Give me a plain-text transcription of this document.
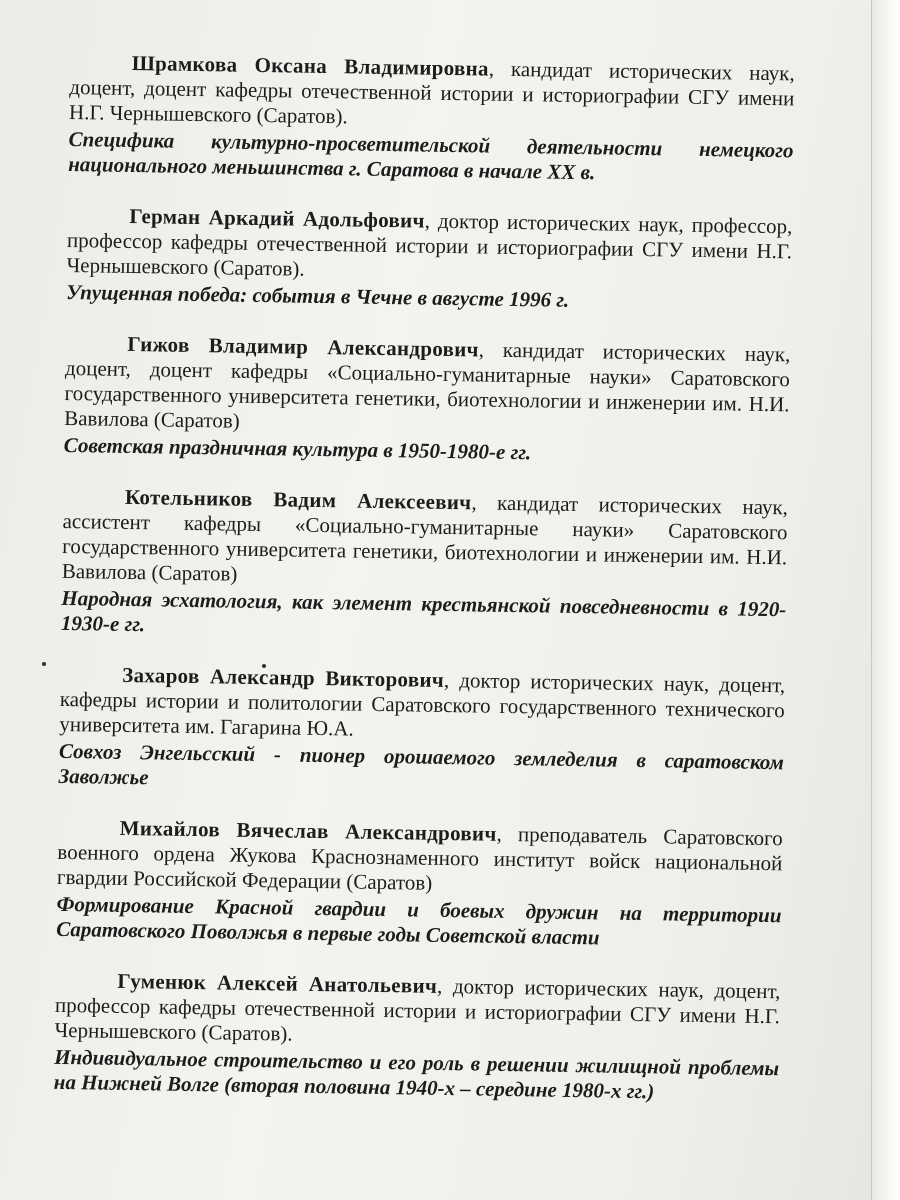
Шрамкова Оксана Владимировна, кандидат исторических наук, доцент, доцент кафедры отечественной истории и историографии СГУ имени Н.Г. Чернышевского (Саратов).

Специфика культурно-просветительской деятельности немецкого национального меньшинства г. Саратова в начале XX в.

Герман Аркадий Адольфович, доктор исторических наук, профессор, профессор кафедры отечественной истории и историографии СГУ имени Н.Г. Чернышевского (Саратов).

Упущенная победа: события в Чечне в августе 1996 г.

Гижов Владимир Александрович, кандидат исторических наук, доцент, доцент кафедры «Социально-гуманитарные науки» Саратовского государственного университета генетики, биотехнологии и инженерии им. Н.И. Вавилова (Саратов)

Советская праздничная культура в 1950-1980-е гг.

Котельников Вадим Алексеевич, кандидат исторических наук, ассистент кафедры «Социально-гуманитарные науки» Саратовского государственного университета генетики, биотехнологии и инженерии им. Н.И. Вавилова (Саратов)

Народная эсхатология, как элемент крестьянской повседневности в 1920-1930-е гг.

Захаров Александр Викторович, доктор исторических наук, доцент, кафедры истории и политологии Саратовского государственного технического университета им. Гагарина Ю.А.

Совхоз Энгельсский - пионер орошаемого земледелия в саратовском Заволжье

Михайлов Вячеслав Александрович, преподаватель Саратовского военного ордена Жукова Краснознаменного институт войск национальной гвардии Российской Федерации (Саратов)

Формирование Красной гвардии и боевых дружин на территории Саратовского Поволжья в первые годы Советской власти

Гуменюк Алексей Анатольевич, доктор исторических наук, доцент, профессор кафедры отечественной истории и историографии СГУ имени Н.Г. Чернышевского (Саратов).

Индивидуальное строительство и его роль в решении жилищной проблемы на Нижней Волге (вторая половина 1940-х – середине 1980-х гг.)
